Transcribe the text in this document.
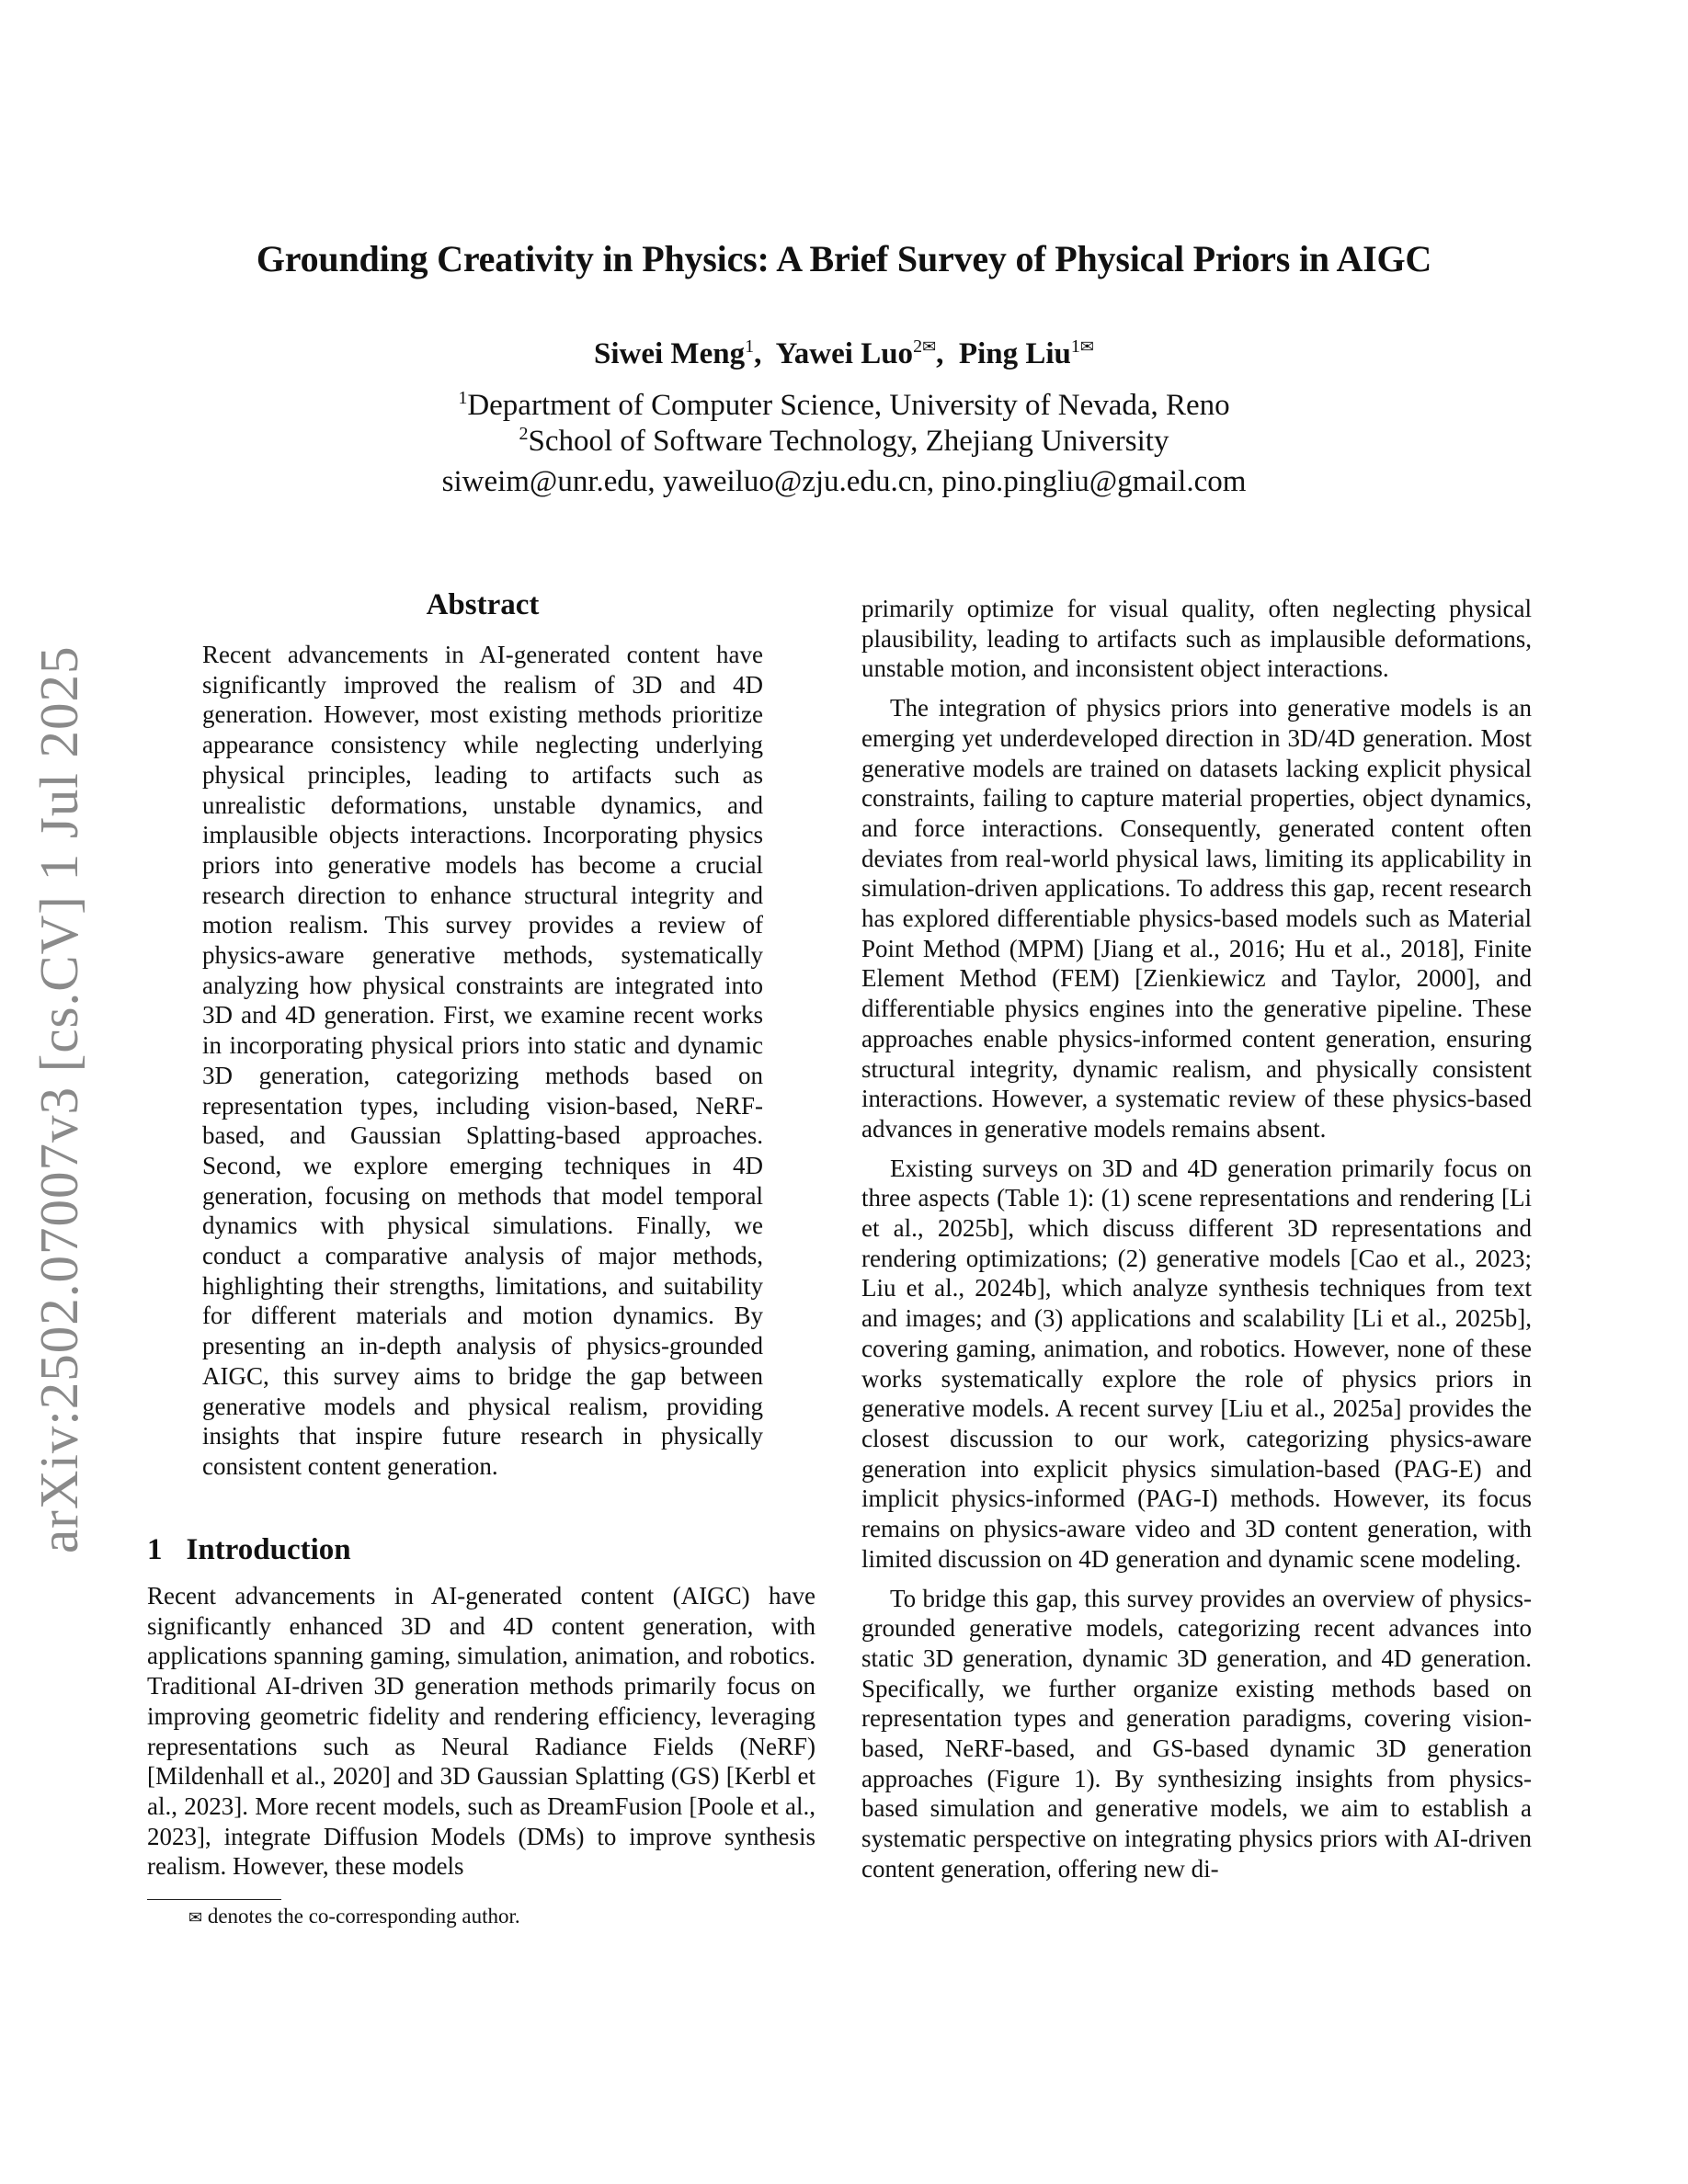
Grounding Creativity in Physics: A Brief Survey of Physical Priors in AIGC
Siwei Meng$^1$,  Yawei Luo$^{2✉}$,  Ping Liu$^{1✉}$
$^1$Department of Computer Science, University of Nevada, Reno
$^2$School of Software Technology, Zhejiang University
siweim@unr.edu, yaweiluo@zju.edu.cn, pino.pingliu@gmail.com
arXiv:2502.07007v3 [cs.CV] 1 Jul 2025
Abstract
Recent advancements in AI-generated content have significantly improved the realism of 3D and 4D generation. However, most existing methods prioritize appearance consistency while neglecting underlying physical principles, leading to artifacts such as unrealistic deformations, unstable dynamics, and implausible objects interactions. Incorporating physics priors into generative models has become a crucial research direction to enhance structural integrity and motion realism. This survey provides a review of physics-aware generative methods, systematically analyzing how physical constraints are integrated into 3D and 4D generation. First, we examine recent works in incorporating physical priors into static and dynamic 3D generation, categorizing methods based on representation types, including vision-based, NeRF-based, and Gaussian Splatting-based approaches. Second, we explore emerging techniques in 4D generation, focusing on methods that model temporal dynamics with physical simulations. Finally, we conduct a comparative analysis of major methods, highlighting their strengths, limitations, and suitability for different materials and motion dynamics. By presenting an in-depth analysis of physics-grounded AIGC, this survey aims to bridge the gap between generative models and physical realism, providing insights that inspire future research in physically consistent content generation.
1 Introduction
Recent advancements in AI-generated content (AIGC) have significantly enhanced 3D and 4D content generation, with applications spanning gaming, simulation, animation, and robotics. Traditional AI-driven 3D generation methods primarily focus on improving geometric fidelity and rendering efficiency, leveraging representations such as Neural Radiance Fields (NeRF) [Mildenhall et al., 2020] and 3D Gaussian Splatting (GS) [Kerbl et al., 2023]. More recent models, such as DreamFusion [Poole et al., 2023], integrate Diffusion Models (DMs) to improve synthesis realism. However, these models
✉ denotes the co-corresponding author.

primarily optimize for visual quality, often neglecting physical plausibility, leading to artifacts such as implausible deformations, unstable motion, and inconsistent object interactions.

The integration of physics priors into generative models is an emerging yet underdeveloped direction in 3D/4D generation. Most generative models are trained on datasets lacking explicit physical constraints, failing to capture material properties, object dynamics, and force interactions. Consequently, generated content often deviates from real-world physical laws, limiting its applicability in simulation-driven applications. To address this gap, recent research has explored differentiable physics-based models such as Material Point Method (MPM) [Jiang et al., 2016; Hu et al., 2018], Finite Element Method (FEM) [Zienkiewicz and Taylor, 2000], and differentiable physics engines into the generative pipeline. These approaches enable physics-informed content generation, ensuring structural integrity, dynamic realism, and physically consistent interactions. However, a systematic review of these physics-based advances in generative models remains absent.

Existing surveys on 3D and 4D generation primarily focus on three aspects (Table 1): (1) scene representations and rendering [Li et al., 2025b], which discuss different 3D representations and rendering optimizations; (2) generative models [Cao et al., 2023; Liu et al., 2024b], which analyze synthesis techniques from text and images; and (3) applications and scalability [Li et al., 2025b], covering gaming, animation, and robotics. However, none of these works systematically explore the role of physics priors in generative models. A recent survey [Liu et al., 2025a] provides the closest discussion to our work, categorizing physics-aware generation into explicit physics simulation-based (PAG-E) and implicit physics-informed (PAG-I) methods. However, its focus remains on physics-aware video and 3D content generation, with limited discussion on 4D generation and dynamic scene modeling.

To bridge this gap, this survey provides an overview of physics-grounded generative models, categorizing recent advances into static 3D generation, dynamic 3D generation, and 4D generation. Specifically, we further organize existing methods based on representation types and generation paradigms, covering vision-based, NeRF-based, and GS-based dynamic 3D generation approaches (Figure 1). By synthesizing insights from physics-based simulation and generative models, we aim to establish a systematic perspective on integrating physics priors with AI-driven content generation, offering new di-
